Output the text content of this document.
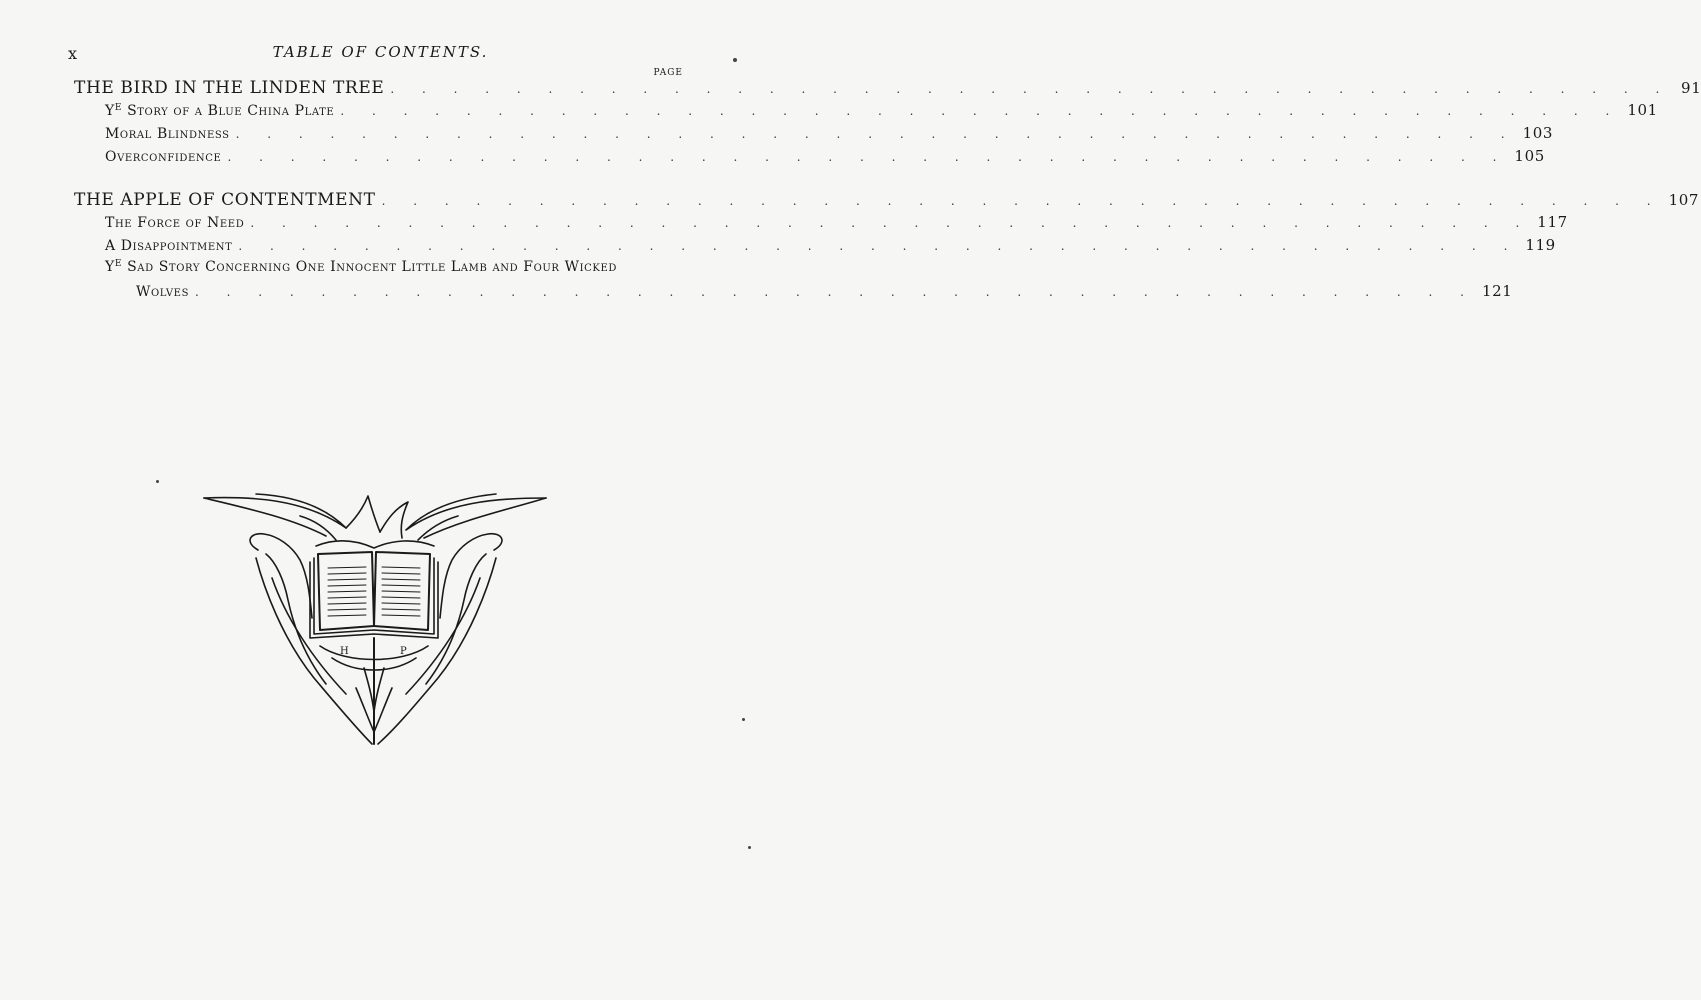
x	TABLE OF CONTENTS.
PAGE
THE BIRD IN THE LINDEN TREE . . . . . . . . . . . . . . . . . . . . . . . . . . . . . . . . . . . . . . . . . 91
$Y^E$ Story of a Blue China Plate . . . . . . . . . . . . . . . . . . . . . . . . . . . . . . . . . . . . . . . . . 101
Moral Blindness . . . . . . . . . . . . . . . . . . . . . . . . . . . . . . . . . . . . . . . . . 103
Overconfidence . . . . . . . . . . . . . . . . . . . . . . . . . . . . . . . . . . . . . . . . . 105
THE APPLE OF CONTENTMENT . . . . . . . . . . . . . . . . . . . . . . . . . . . . . . . . . . . . . . . . . 107
The Force of Need . . . . . . . . . . . . . . . . . . . . . . . . . . . . . . . . . . . . . . . . . 117
A Disappointment . . . . . . . . . . . . . . . . . . . . . . . . . . . . . . . . . . . . . . . . . 119
$Y^E$ Sad Story Concerning One Innocent Little Lamb and Four Wicked
Wolves . . . . . . . . . . . . . . . . . . . . . . . . . . . . . . . . . . . . . . . . . 121
H	P
